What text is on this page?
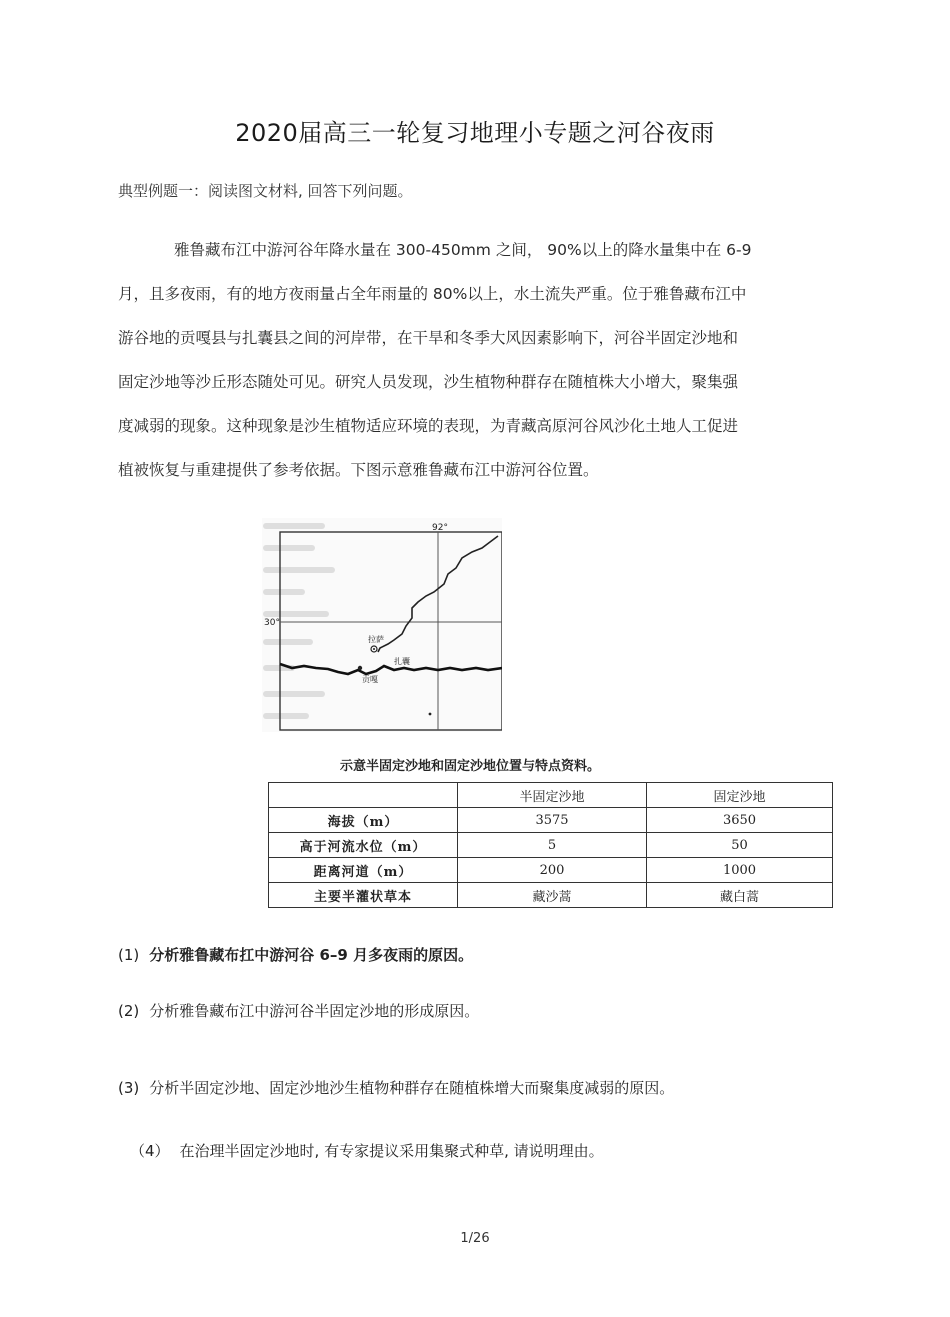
2020届高三一轮复习地理小专题之河谷夜雨
典型例题一：阅读图文材料, 回答下列问题。
雅鲁藏布江中游河谷年降水量在 300-450mm 之间， 90%以上的降水量集中在 6-9
月，且多夜雨，有的地方夜雨量占全年雨量的 80%以上，水土流失严重。位于雅鲁藏布江中
游谷地的贡嘎县与扎囊县之间的河岸带，在干旱和冬季大风因素影响下，河谷半固定沙地和
固定沙地等沙丘形态随处可见。研究人员发现，沙生植物种群存在随植株大小增大，聚集强
度减弱的现象。这种现象是沙生植物适应环境的表现，为青藏高原河谷风沙化土地人工促进
植被恢复与重建提供了参考依据。下图示意雅鲁藏布江中游河谷位置。
92°
30°
拉萨
扎囊
贡嘎
示意半固定沙地和固定沙地位置与特点资料。
	半固定沙地	固定沙地
海拔（m）	3575	3650
高于河流水位（m）	5	50
距离河道（m）	200	1000
主要半灌状草本	藏沙蒿	藏白蒿
(1) 分析雅鲁藏布扛中游河谷 6–9 月多夜雨的原因。
(2) 分析雅鲁藏布江中游河谷半固定沙地的形成原因。
(3) 分析半固定沙地、固定沙地沙生植物种群存在随植株增大而聚集度减弱的原因。
（4） 在治理半固定沙地时, 有专家提议采用集聚式种草, 请说明理由。
1/26
